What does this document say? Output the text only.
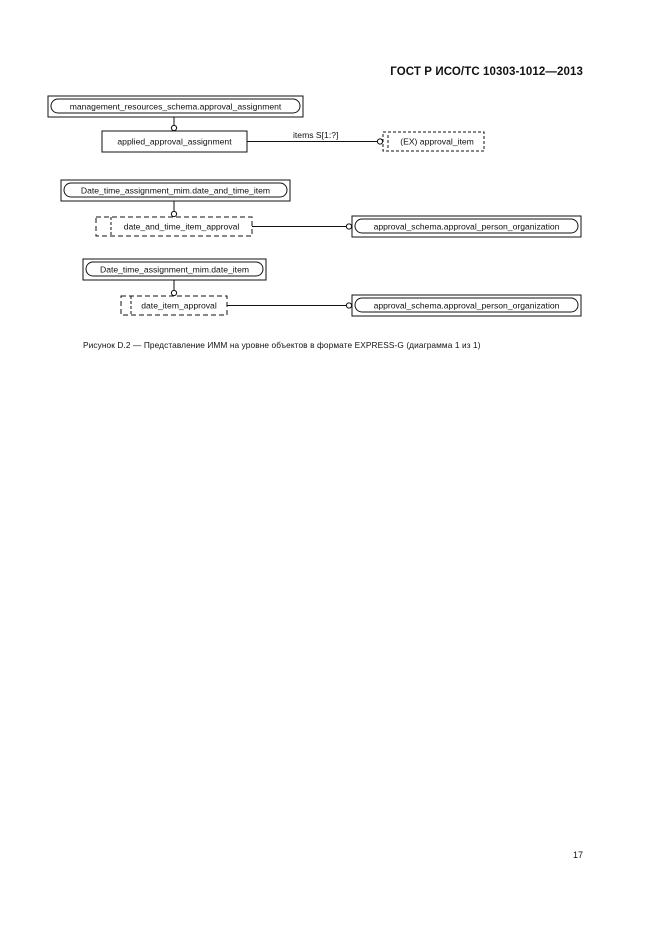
ГОСТ Р ИСО/ТС 10303-1012—2013
management_resources_schema.approval_assignment
applied_approval_assignment
items S[1:?]
(EX) approval_item
Date_time_assignment_mim.date_and_time_item
date_and_time_item_approval	approval_schema.approval_person_organization
Date_time_assignment_mim.date_item
date_item_approval	approval_schema.approval_person_organization
Рисунок D.2 — Представление ИММ на уровне объектов в формате EXPRESS-G (диаграмма 1 из 1)
17
